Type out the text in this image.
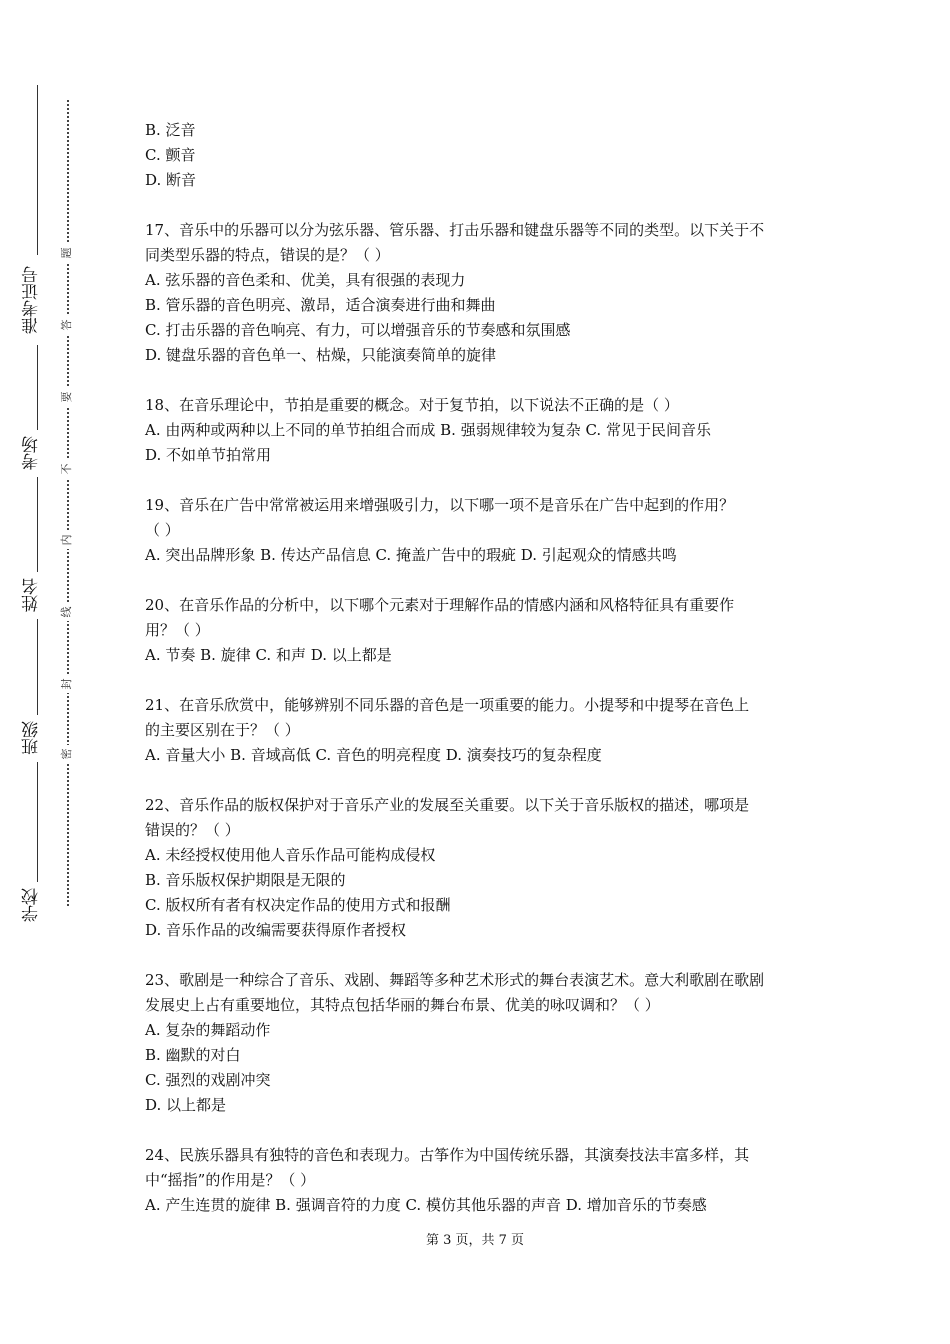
准考证号
考场
姓名
班级
学校
题
答
要
不
内
线
封
密
B. 泛音
C. 颤音
D. 断音
17、音乐中的乐器可以分为弦乐器、管乐器、打击乐器和键盘乐器等不同的类型。以下关于不
同类型乐器的特点，错误的是？（ ）
A. 弦乐器的音色柔和、优美，具有很强的表现力
B. 管乐器的音色明亮、激昂，适合演奏进行曲和舞曲
C. 打击乐器的音色响亮、有力，可以增强音乐的节奏感和氛围感
D. 键盘乐器的音色单一、枯燥，只能演奏简单的旋律
18、在音乐理论中，节拍是重要的概念。对于复节拍，以下说法不正确的是（ ）
A. 由两种或两种以上不同的单节拍组合而成 B. 强弱规律较为复杂 C. 常见于民间音乐
D. 不如单节拍常用
19、音乐在广告中常常被运用来增强吸引力，以下哪一项不是音乐在广告中起到的作用？
（ ）
A. 突出品牌形象 B. 传达产品信息 C. 掩盖广告中的瑕疵 D. 引起观众的情感共鸣
20、在音乐作品的分析中，以下哪个元素对于理解作品的情感内涵和风格特征具有重要作
用？（ ）
A. 节奏 B. 旋律 C. 和声 D. 以上都是
21、在音乐欣赏中，能够辨别不同乐器的音色是一项重要的能力。小提琴和中提琴在音色上
的主要区别在于？（ ）
A. 音量大小 B. 音域高低 C. 音色的明亮程度 D. 演奏技巧的复杂程度
22、音乐作品的版权保护对于音乐产业的发展至关重要。以下关于音乐版权的描述，哪项是
错误的？（ ）
A. 未经授权使用他人音乐作品可能构成侵权
B. 音乐版权保护期限是无限的
C. 版权所有者有权决定作品的使用方式和报酬
D. 音乐作品的改编需要获得原作者授权
23、歌剧是一种综合了音乐、戏剧、舞蹈等多种艺术形式的舞台表演艺术。意大利歌剧在歌剧
发展史上占有重要地位，其特点包括华丽的舞台布景、优美的咏叹调和？（ ）
A. 复杂的舞蹈动作
B. 幽默的对白
C. 强烈的戏剧冲突
D. 以上都是
24、民族乐器具有独特的音色和表现力。古筝作为中国传统乐器，其演奏技法丰富多样，其
中“摇指”的作用是？（ ）
A. 产生连贯的旋律 B. 强调音符的力度 C. 模仿其他乐器的声音 D. 增加音乐的节奏感
第 3 页，共 7 页
